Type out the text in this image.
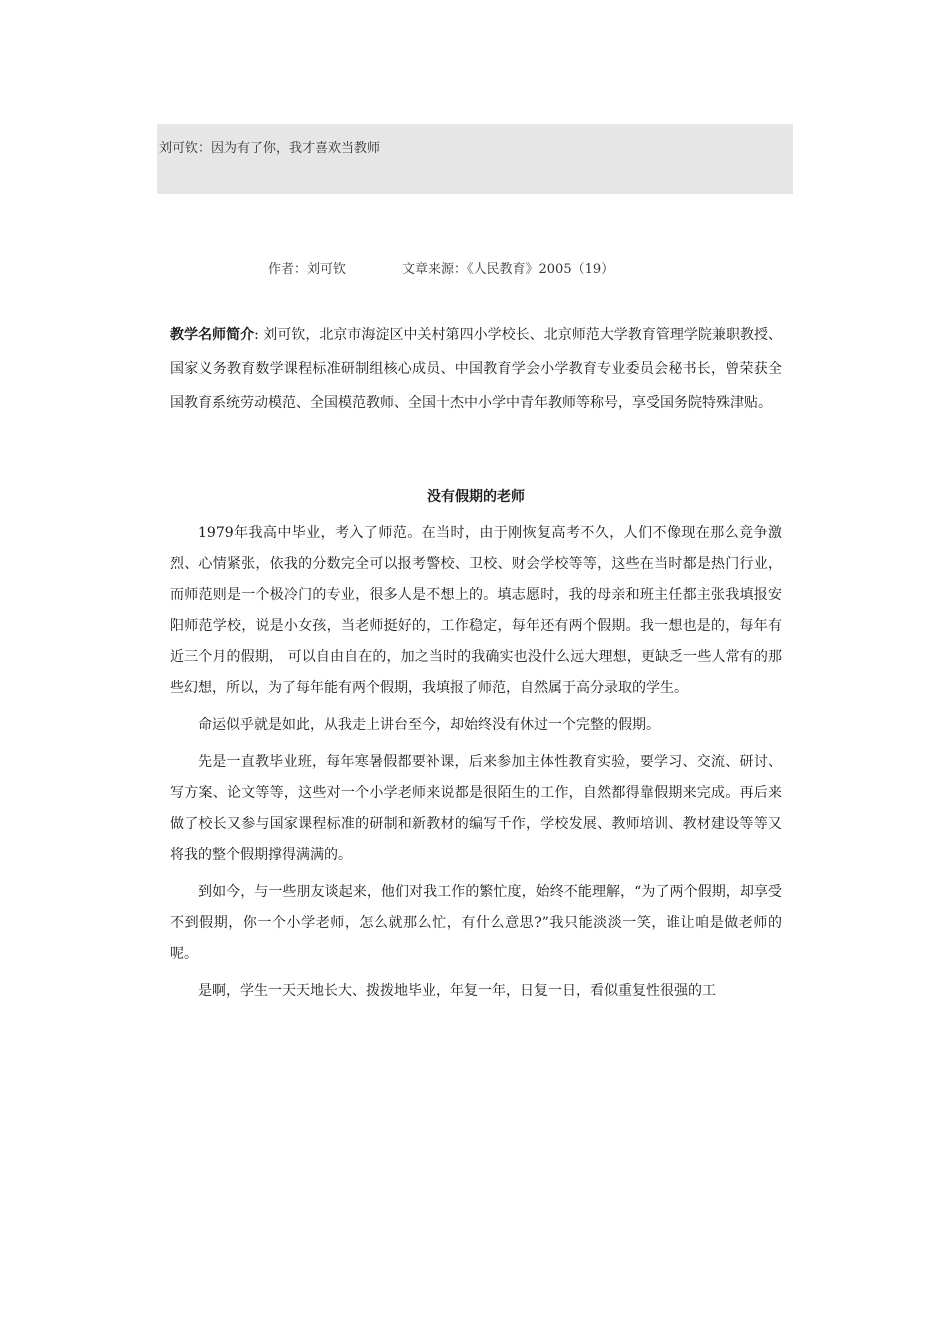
刘可钦：因为有了你，我才喜欢当教师
作者：刘可钦	文章来源：《人民教育》2005（19）

教学名师简介: 刘可钦，北京市海淀区中关村第四小学校长、北京师范大学教育管理学院兼职教授、国家义务教育数学课程标准研制组核心成员、中国教育学会小学教育专业委员会秘书长，曾荣获全国教育系统劳动模范、全国模范教师、全国十杰中小学中青年教师等称号，享受国务院特殊津贴。

没有假期的老师

1979年我高中毕业，考入了师范。在当时，由于刚恢复高考不久，人们不像现在那么竞争激烈、心情紧张，依我的分数完全可以报考警校、卫校、财会学校等等，这些在当时都是热门行业，而师范则是一个极冷门的专业，很多人是不想上的。填志愿时，我的母亲和班主任都主张我填报安阳师范学校，说是小女孩，当老师挺好的，工作稳定，每年还有两个假期。我一想也是的，每年有近三个月的假期， 可以自由自在的，加之当时的我确实也没什么远大理想，更缺乏一些人常有的那些幻想，所以，为了每年能有两个假期，我填报了师范，自然属于高分录取的学生。

命运似乎就是如此，从我走上讲台至今，却始终没有休过一个完整的假期。

先是一直教毕业班，每年寒暑假都要补课，后来参加主体性教育实验，要学习、交流、研讨、写方案、论文等等，这些对一个小学老师来说都是很陌生的工作，自然都得靠假期来完成。再后来做了校长又参与国家课程标准的研制和新教材的编写千作，学校发展、教师培训、教材建设等等又将我的整个假期撑得满满的。

到如今，与一些朋友谈起来，他们对我工作的繁忙度，始终不能理解，“为了两个假期，却享受不到假期，你一个小学老师，怎么就那么忙，有什么意思?”我只能淡淡一笑，谁让咱是做老师的呢。

是啊，学生一天天地长大、拨拨地毕业，年复一年，日复一日，看似重复性很强的工
